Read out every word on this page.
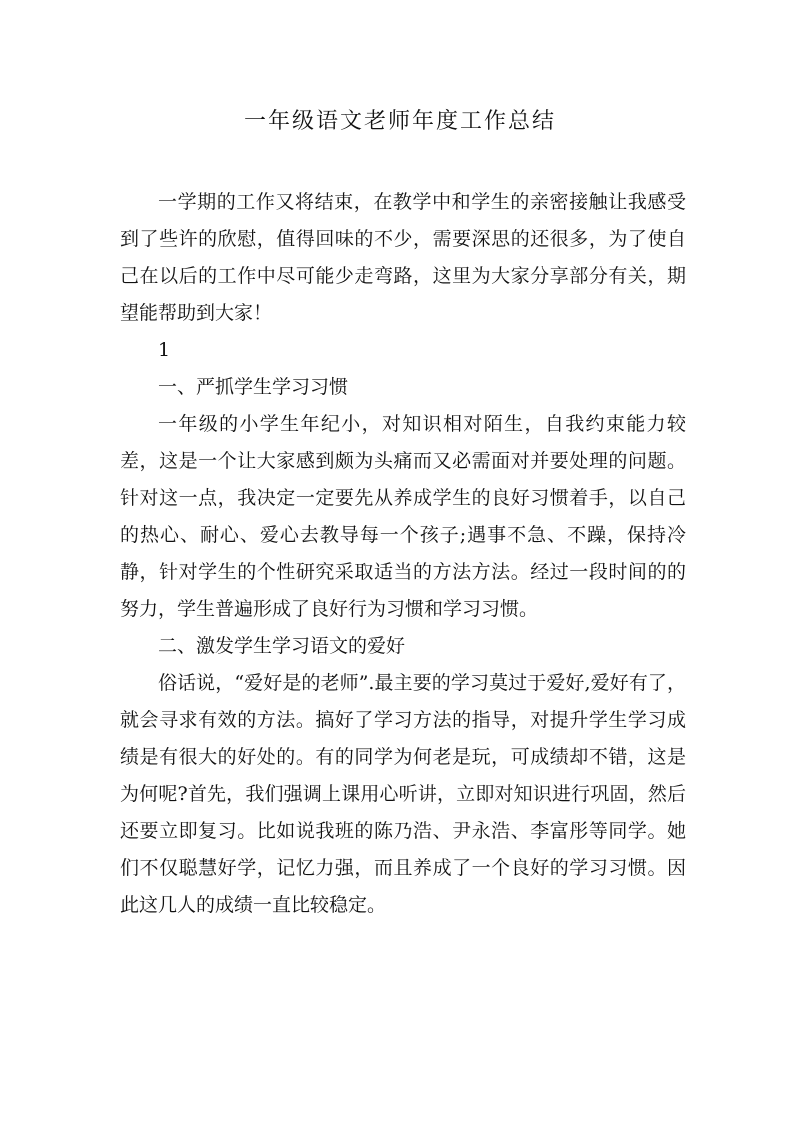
一年级语文老师年度工作总结

一学期的工作又将结束，在教学中和学生的亲密接触让我感受到了些许的欣慰，值得回味的不少，需要深思的还很多，为了使自己在以后的工作中尽可能少走弯路，这里为大家分享部分有关，期望能帮助到大家！

1

一、严抓学生学习习惯

一年级的小学生年纪小，对知识相对陌生，自我约束能力较差，这是一个让大家感到颇为头痛而又必需面对并要处理的问题。针对这一点，我决定一定要先从养成学生的良好习惯着手，以自己的热心、耐心、爱心去教导每一个孩子;遇事不急、不躁，保持冷静，针对学生的个性研究采取适当的方法方法。经过一段时间的的努力，学生普遍形成了良好行为习惯和学习习惯。

二、激发学生学习语文的爱好

俗话说，“爱好是的老师”.最主要的学习莫过于爱好,爱好有了，就会寻求有效的方法。搞好了学习方法的指导，对提升学生学习成绩是有很大的好处的。有的同学为何老是玩，可成绩却不错，这是为何呢?首先，我们强调上课用心听讲，立即对知识进行巩固，然后还要立即复习。比如说我班的陈乃浩、尹永浩、李富彤等同学。她们不仅聪慧好学，记忆力强，而且养成了一个良好的学习习惯。因此这几人的成绩一直比较稳定。
